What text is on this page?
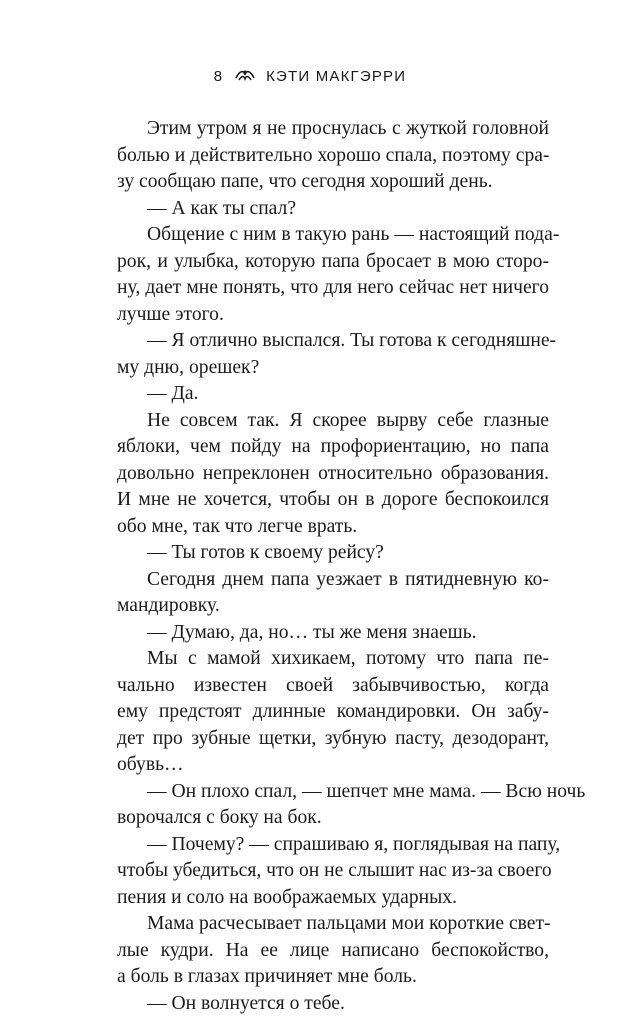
8	КЭТИ МАКГЭРРИ
Этим утром я не проснулась с жуткой головной
болью и действительно хорошо спала, поэтому сра-
зу сообщаю папе, что сегодня хороший день.
— А как ты спал?
Общение с ним в такую рань — настоящий пода-
рок, и улыбка, которую папа бросает в мою сторо-
ну, дает мне понять, что для него сейчас нет ничего
лучше этого.
— Я отлично выспался. Ты готова к сегодняшне-
му дню, орешек?
— Да.
Не совсем так. Я скорее вырву себе глазные
яблоки, чем пойду на профориентацию, но папа
довольно непреклонен относительно образования.
И мне не хочется, чтобы он в дороге беспокоился
обо мне, так что легче врать.
— Ты готов к своему рейсу?
Сегодня днем папа уезжает в пятидневную ко-
мандировку.
— Думаю, да, но… ты же меня знаешь.
Мы с мамой хихикаем, потому что папа пе-
чально известен своей забывчивостью, когда
ему предстоят длинные командировки. Он забу-
дет про зубные щетки, зубную пасту, дезодорант,
обувь…
— Он плохо спал, — шепчет мне мама. — Всю ночь
ворочался с боку на бок.
— Почему? — спрашиваю я, поглядывая на папу,
чтобы убедиться, что он не слышит нас из-за своего
пения и соло на воображаемых ударных.
Мама расчесывает пальцами мои короткие свет-
лые кудри. На ее лице написано беспокойство,
а боль в глазах причиняет мне боль.
— Он волнуется о тебе.
